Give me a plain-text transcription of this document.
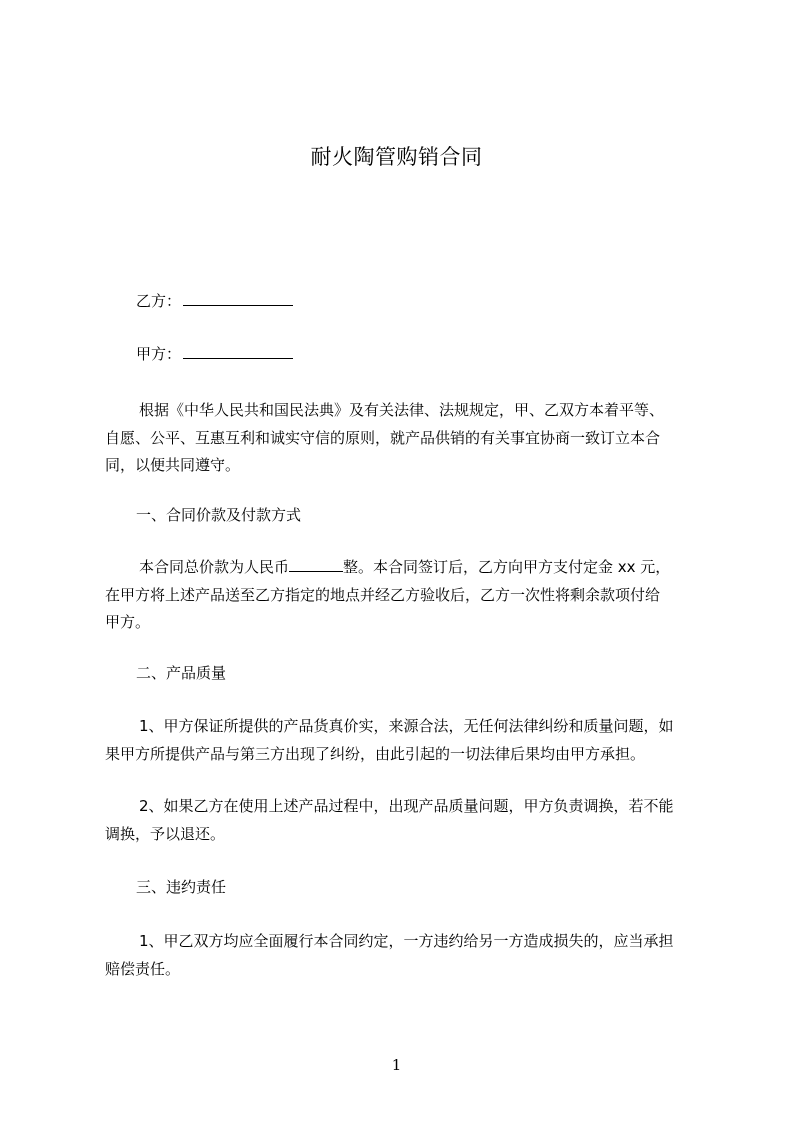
耐火陶管购销合同
乙方：
甲方：

根据《中华人民共和国民法典》及有关法律、法规规定，甲、乙双方本着平等、

自愿、公平、互惠互利和诚实守信的原则，就产品供销的有关事宜协商一致订立本合

同，以便共同遵守。

一、合同价款及付款方式

本合同总价款为人民币	整。本合同签订后，乙方向甲方支付定金 xx 元，

在甲方将上述产品送至乙方指定的地点并经乙方验收后，乙方一次性将剩余款项付给

甲方。

二、产品质量

1、甲方保证所提供的产品货真价实，来源合法，无任何法律纠纷和质量问题，如

果甲方所提供产品与第三方出现了纠纷，由此引起的一切法律后果均由甲方承担。

2、如果乙方在使用上述产品过程中，出现产品质量问题，甲方负责调换，若不能

调换，予以退还。

三、违约责任

1、甲乙双方均应全面履行本合同约定，一方违约给另一方造成损失的，应当承担

赔偿责任。

1
